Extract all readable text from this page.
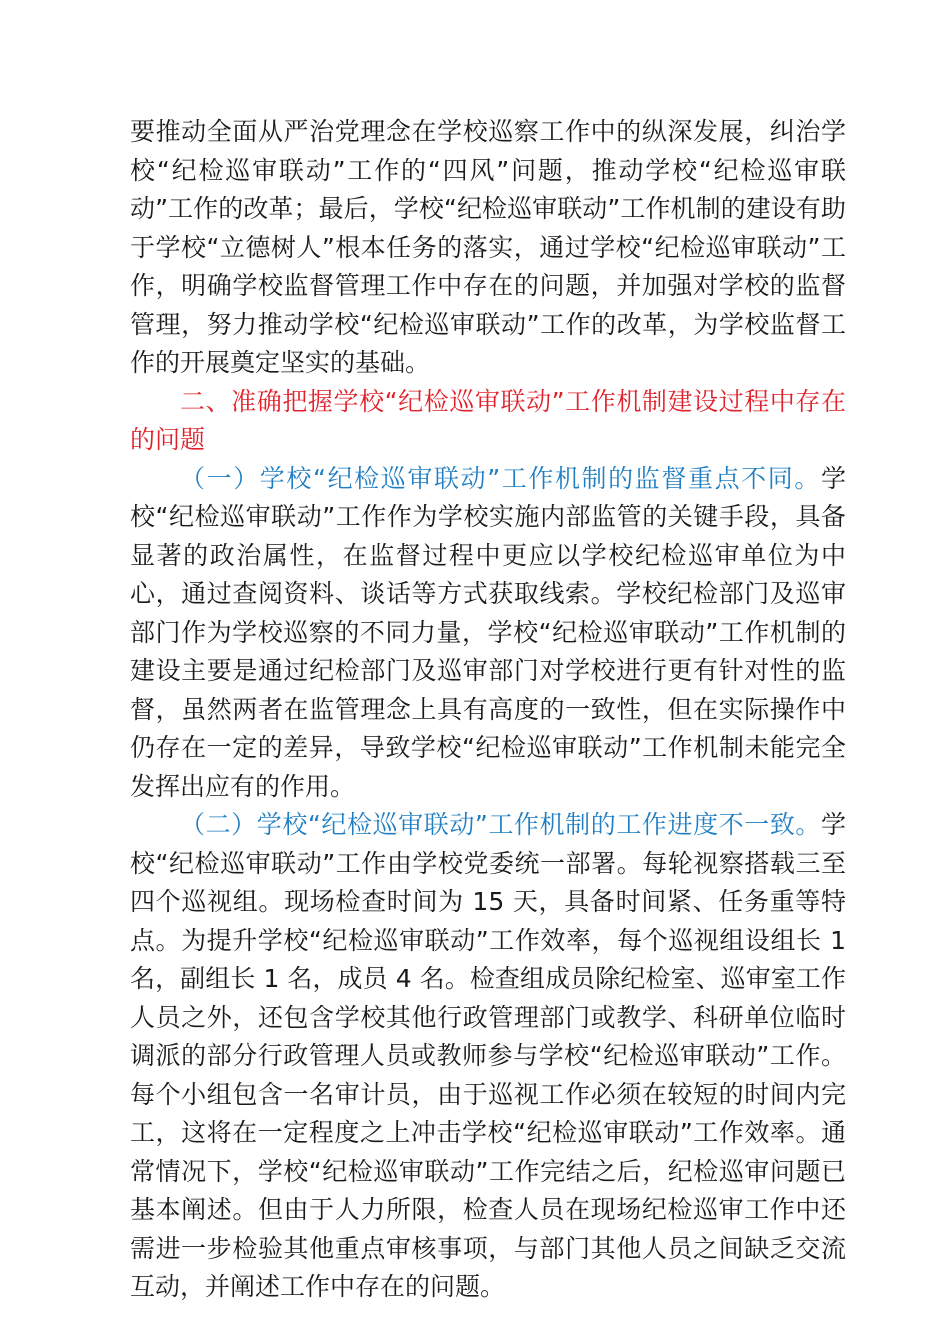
要推动全面从严治党理念在学校巡察工作中的纵深发展，纠治学校“纪检巡审联动”工作的“四风”问题，推动学校“纪检巡审联动”工作的改革；最后，学校“纪检巡审联动”工作机制的建设有助于学校“立德树人”根本任务的落实，通过学校“纪检巡审联动”工作，明确学校监督管理工作中存在的问题，并加强对学校的监督管理，努力推动学校“纪检巡审联动”工作的改革，为学校监督工作的开展奠定坚实的基础。

二、准确把握学校“纪检巡审联动”工作机制建设过程中存在的问题

（一）学校“纪检巡审联动”工作机制的监督重点不同。学校“纪检巡审联动”工作作为学校实施内部监管的关键手段，具备显著的政治属性，在监督过程中更应以学校纪检巡审单位为中心，通过查阅资料、谈话等方式获取线索。学校纪检部门及巡审部门作为学校巡察的不同力量，学校“纪检巡审联动”工作机制的建设主要是通过纪检部门及巡审部门对学校进行更有针对性的监督，虽然两者在监管理念上具有高度的一致性，但在实际操作中仍存在一定的差异，导致学校“纪检巡审联动”工作机制未能完全发挥出应有的作用。

（二）学校“纪检巡审联动”工作机制的工作进度不一致。学校“纪检巡审联动”工作由学校党委统一部署。每轮视察搭载三至四个巡视组。现场检查时间为 15 天，具备时间紧、任务重等特点。为提升学校“纪检巡审联动”工作效率，每个巡视组设组长 1 名，副组长 1 名，成员 4 名。检查组成员除纪检室、巡审室工作人员之外，还包含学校其他行政管理部门或教学、科研单位临时调派的部分行政管理人员或教师参与学校“纪检巡审联动”工作。每个小组包含一名审计员，由于巡视工作必须在较短的时间内完工，这将在一定程度之上冲击学校“纪检巡审联动”工作效率。通常情况下，学校“纪检巡审联动”工作完结之后，纪检巡审问题已基本阐述。但由于人力所限，检查人员在现场纪检巡审工作中还需进一步检验其他重点审核事项，与部门其他人员之间缺乏交流互动，并阐述工作中存在的问题。
